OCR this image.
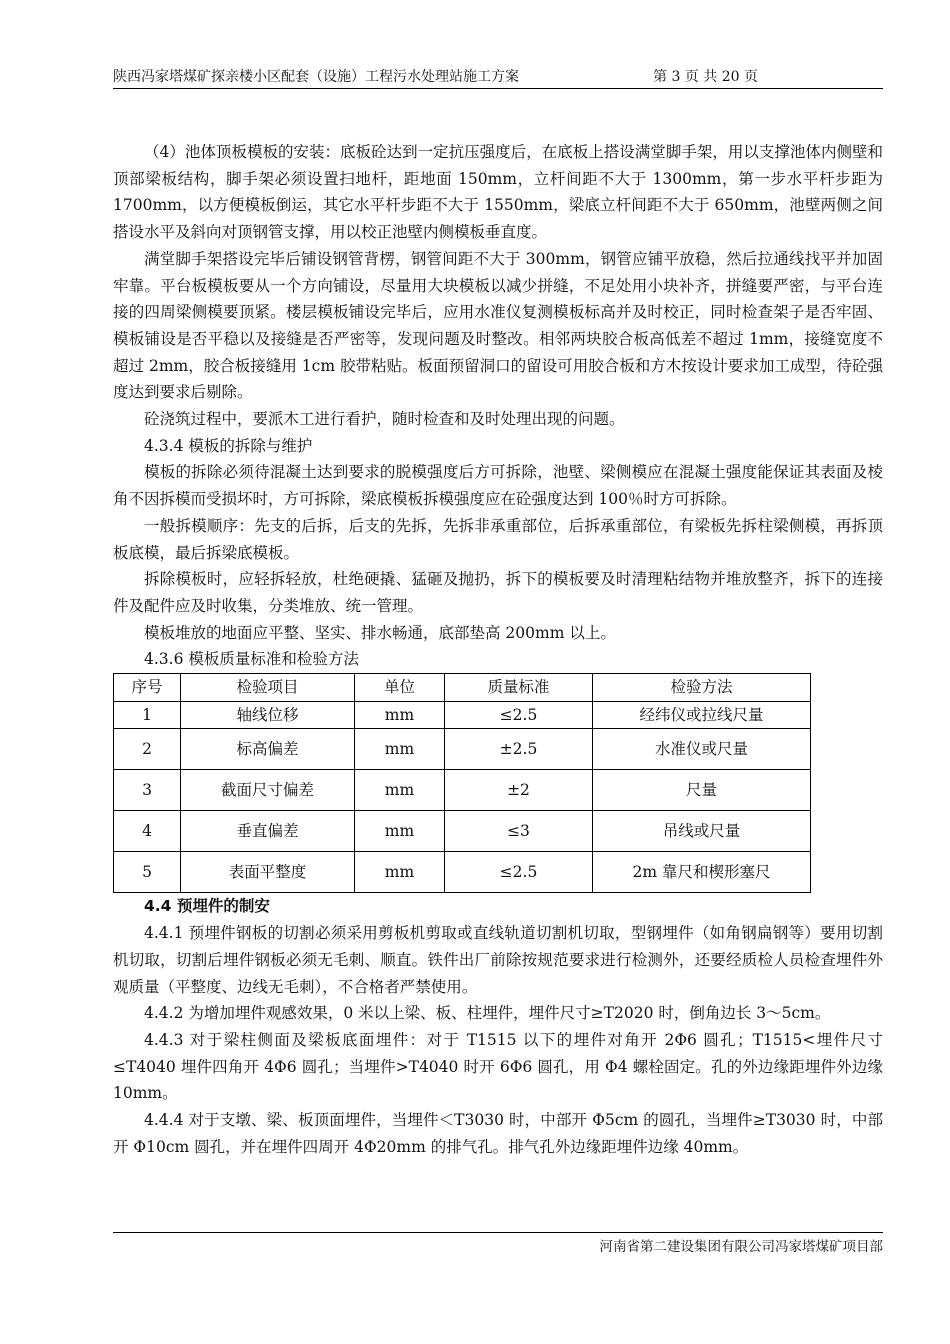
陕西冯家塔煤矿探亲楼小区配套（设施）工程污水处理站施工方案	第 3 页 共 20 页

（4）池体顶板模板的安装：底板砼达到一定抗压强度后，在底板上搭设满堂脚手架，用以支撑池体内侧壁和顶部梁板结构，脚手架必须设置扫地杆，距地面 150mm，立杆间距不大于 1300mm，第一步水平杆步距为 1700mm，以方便模板倒运，其它水平杆步距不大于 1550mm，梁底立杆间距不大于 650mm，池壁两侧之间搭设水平及斜向对顶钢管支撑，用以校正池壁内侧模板垂直度。

满堂脚手架搭设完毕后铺设钢管背楞，钢管间距不大于 300mm，钢管应铺平放稳，然后拉通线找平并加固牢靠。平台板模板要从一个方向铺设，尽量用大块模板以减少拼缝，不足处用小块补齐，拼缝要严密，与平台连接的四周梁侧模要顶紧。楼层模板铺设完毕后，应用水准仪复测模板标高并及时校正，同时检查架子是否牢固、模板铺设是否平稳以及接缝是否严密等，发现问题及时整改。相邻两块胶合板高低差不超过 1mm，接缝宽度不超过 2mm，胶合板接缝用 1cm 胶带粘贴。板面预留洞口的留设可用胶合板和方木按设计要求加工成型，待砼强度达到要求后剔除。

砼浇筑过程中，要派木工进行看护，随时检查和及时处理出现的问题。

4.3.4 模板的拆除与维护

模板的拆除必须待混凝土达到要求的脱模强度后方可拆除，池壁、梁侧模应在混凝土强度能保证其表面及棱角不因拆模而受损坏时，方可拆除，梁底模板拆模强度应在砼强度达到 100％时方可拆除。

一般拆模顺序：先支的后拆，后支的先拆，先拆非承重部位，后拆承重部位，有梁板先拆柱梁侧模，再拆顶板底模，最后拆梁底模板。

拆除模板时，应轻拆轻放，杜绝硬撬、猛砸及抛扔，拆下的模板要及时清理粘结物并堆放整齐，拆下的连接件及配件应及时收集，分类堆放、统一管理。

模板堆放的地面应平整、坚实、排水畅通，底部垫高 200mm 以上。

4.3.6 模板质量标准和检验方法

序号	检验项目	单位	质量标准	检验方法
1	轴线位移	mm	≤2.5	经纬仪或拉线尺量
2	标高偏差	mm	±2.5	水准仪或尺量
3	截面尺寸偏差	mm	±2	尺量
4	垂直偏差	mm	≤3	吊线或尺量
5	表面平整度	mm	≤2.5	2m 靠尺和楔形塞尺

4.4 预埋件的制安

4.4.1 预埋件钢板的切割必须采用剪板机剪取或直线轨道切割机切取，型钢埋件（如角钢扁钢等）要用切割机切取，切割后埋件钢板必须无毛刺、顺直。铁件出厂前除按规范要求进行检测外，还要经质检人员检查埋件外观质量（平整度、边线无毛刺），不合格者严禁使用。

4.4.2 为增加埋件观感效果，0 米以上梁、板、柱埋件，埋件尺寸≥T2020 时，倒角边长 3～5cm。

4.4.3 对于梁柱侧面及梁板底面埋件：对于 T1515 以下的埋件对角开 2Φ6 圆孔；T1515<埋件尺寸≤T4040 埋件四角开 4Φ6 圆孔；当埋件>T4040 时开 6Φ6 圆孔，用 Φ4 螺栓固定。孔的外边缘距埋件外边缘 10mm。

4.4.4 对于支墩、梁、板顶面埋件，当埋件＜T3030 时，中部开 Φ5cm 的圆孔，当埋件≥T3030 时，中部开 Φ10cm 圆孔，并在埋件四周开 4Φ20mm 的排气孔。排气孔外边缘距埋件边缘 40mm。

河南省第二建设集团有限公司冯家塔煤矿项目部
